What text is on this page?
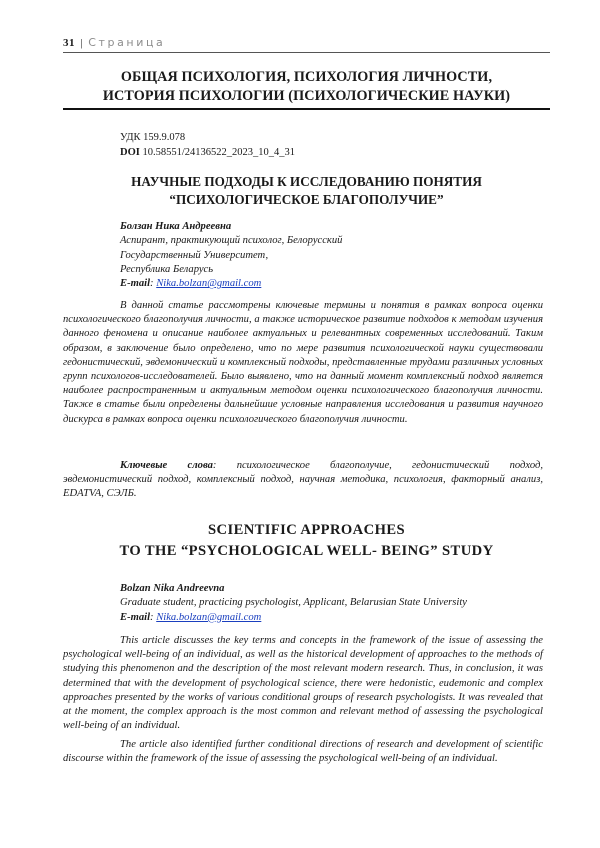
31 | Страница
ОБЩАЯ ПСИХОЛОГИЯ, ПСИХОЛОГИЯ ЛИЧНОСТИ,
ИСТОРИЯ ПСИХОЛОГИИ (ПСИХОЛОГИЧЕСКИЕ НАУКИ)
УДК 159.9.078
DOI 10.58551/24136522_2023_10_4_31
НАУЧНЫЕ ПОДХОДЫ К ИССЛЕДОВАНИЮ ПОНЯТИЯ
“ПСИХОЛОГИЧЕСКОЕ БЛАГОПОЛУЧИЕ”
Болзан Ника Андреевна
Аспирант, практикующий психолог, Белорусский
Государственный Университет,
Республика Беларусь
E-mail: Nika.bolzan@gmail.com

В данной статье рассмотрены ключевые термины и понятия в рамках вопроса оценки психологического благополучия личности, а также историческое развитие подходов к методам изучения данного феномена и описание наиболее актуальных и релевантных современных исследований. Таким образом, в заключение было определено, что по мере развития психологической науки существовали гедонистический, эвдемонический и комплексный подходы, представленные трудами различных условных групп психологов-исследователей. Было выявлено, что на данный момент комплексный подход является наиболее распространенным и актуальным методом оценки психологического благополучия личности. Также в статье были определены дальнейшие условные направления исследования и развития научного дискурса в рамках вопроса оценки психологического благополучия личности.

Ключевые слова: психологическое благополучие, гедонистический подход, эвдемонистический подход, комплексный подход, научная методика, психология, факторный анализ, EDATVA, СЭЛБ.

SCIENTIFIC APPROACHES
TO THE “PSYCHOLOGICAL WELL- BEING” STUDY
Bolzan Nika Andreevna
Graduate student, practicing psychologist, Applicant, Belarusian State University
E-mail: Nika.bolzan@gmail.com

This article discusses the key terms and concepts in the framework of the issue of assessing the psychological well-being of an individual, as well as the historical development of approaches to the methods of studying this phenomenon and the description of the most relevant modern research. Thus, in conclusion, it was determined that with the development of psychological science, there were hedonistic, eudemonic and complex approaches presented by the works of various conditional groups of research psychologists. It was revealed that at the moment, the complex approach is the most common and relevant method of assessing the psychological well-being of an individual.

The article also identified further conditional directions of research and development of scientific discourse within the framework of the issue of assessing the psychological well-being of an individual.
